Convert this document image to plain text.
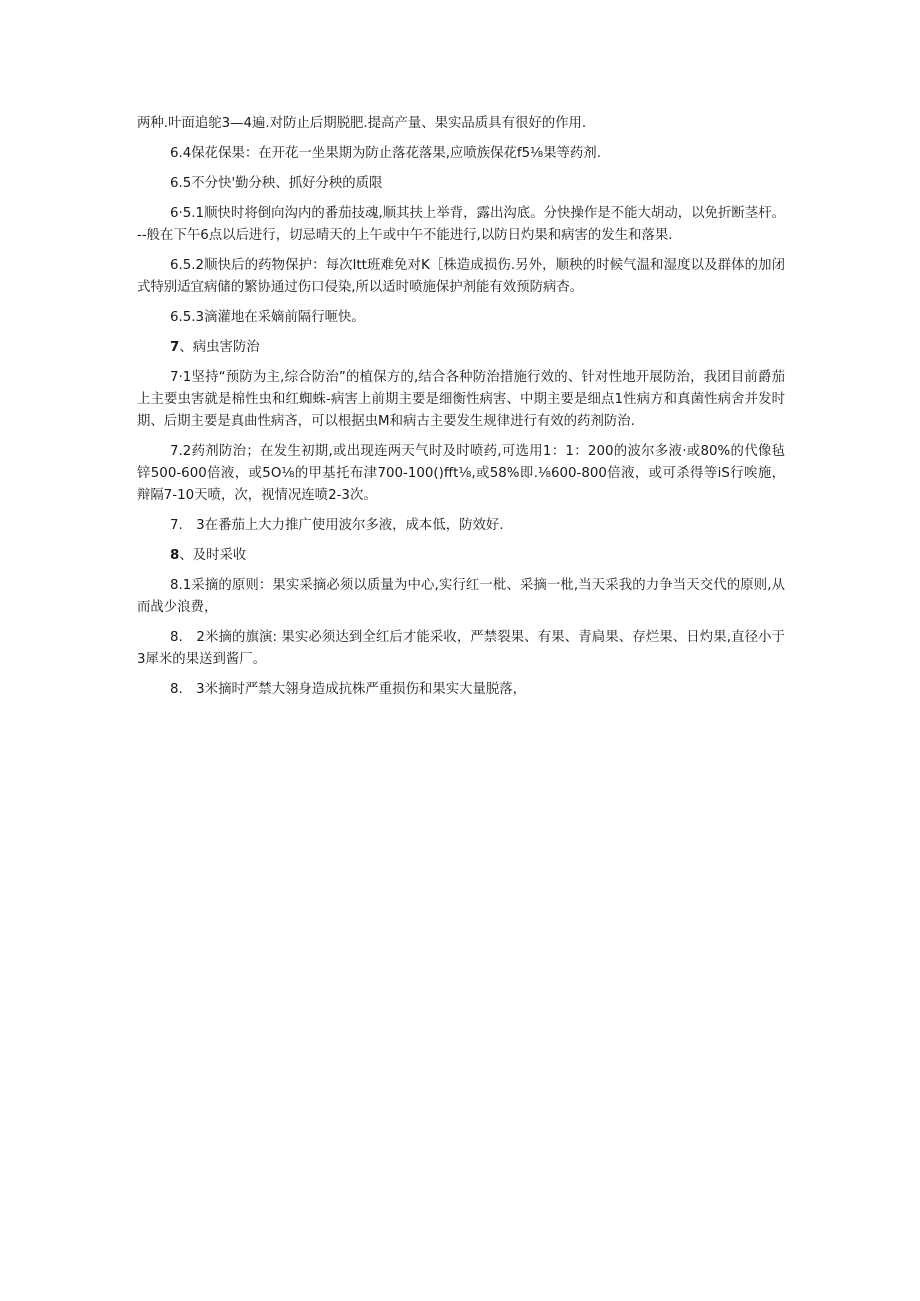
两种.叶面追鸵3—4遍.对防止后期脱肥.提高产量、果实品质具有很好的作用.

6.4保花保果：在开花一坐果期为防止落花落果,应喷族保花f5⅛果等药剂.

6.5不分快'勤分秧、抓好分秧的质限

6·5.1顺快时将倒向沟内的番茄技魂,顺其扶上举背，露出沟底。分快操作是不能大胡动，以免折断茎杆。--般在下午6点以后进行，切忌晴天的上午或中午不能进行,以防日灼果和病害的发生和落果.

6.5.2顺快后的药物保护：每次ltt班难免对K［株造成损伤.另外，顺秧的时候气温和湿度以及群体的加闭式特别适宜病储的繁协通过伤口侵染,所以适时喷施保护剂能有效预防病杏。

6.5.3滴灌地在采嫡前隔行咂快。

7、病虫害防治

7·1坚持“预防为主,综合防治”的植保方的,结合各种防治措施行效的、针对性地开展防治，我团目前爵茄上主要虫害就是棉性虫和红蜘蛛-病害上前期主要是细衡性病害、中期主要是细点1性病方和真菌性病舍并发时期、后期主要是真曲性病吝，可以根据虫M和病古主要发生规律进行有效的药剂防治.

7.2药剂防治；在发生初期,或出现连两天气时及时喷药,可选用1：1：200的波尔多液·或80%的代像毡锌500-600倍液，或5O⅛的甲基托布津700-100()fft⅛,或58%即.⅛600-800倍液，或可杀得等iS行唉施，辩隔7-10天喷，次，视情况连喷2-3次。

7.　3在番茄上大力推广使用波尔多液，成本低，防效好.

8、及时采收

8.1采摘的原则：果实采摘必须以质量为中心,实行红一枇、采摘一枇,当天采我的力争当天交代的原则,从而战少浪费，

8.　2米摘的旗演: 果实必须达到全红后才能采收，严禁裂果、有果、青扃果、存烂果、日灼果,直径小于3犀米的果送到酱厂。

8.　3米摘时严禁大翎身造成抗株严重损伤和果实大量脱落，
